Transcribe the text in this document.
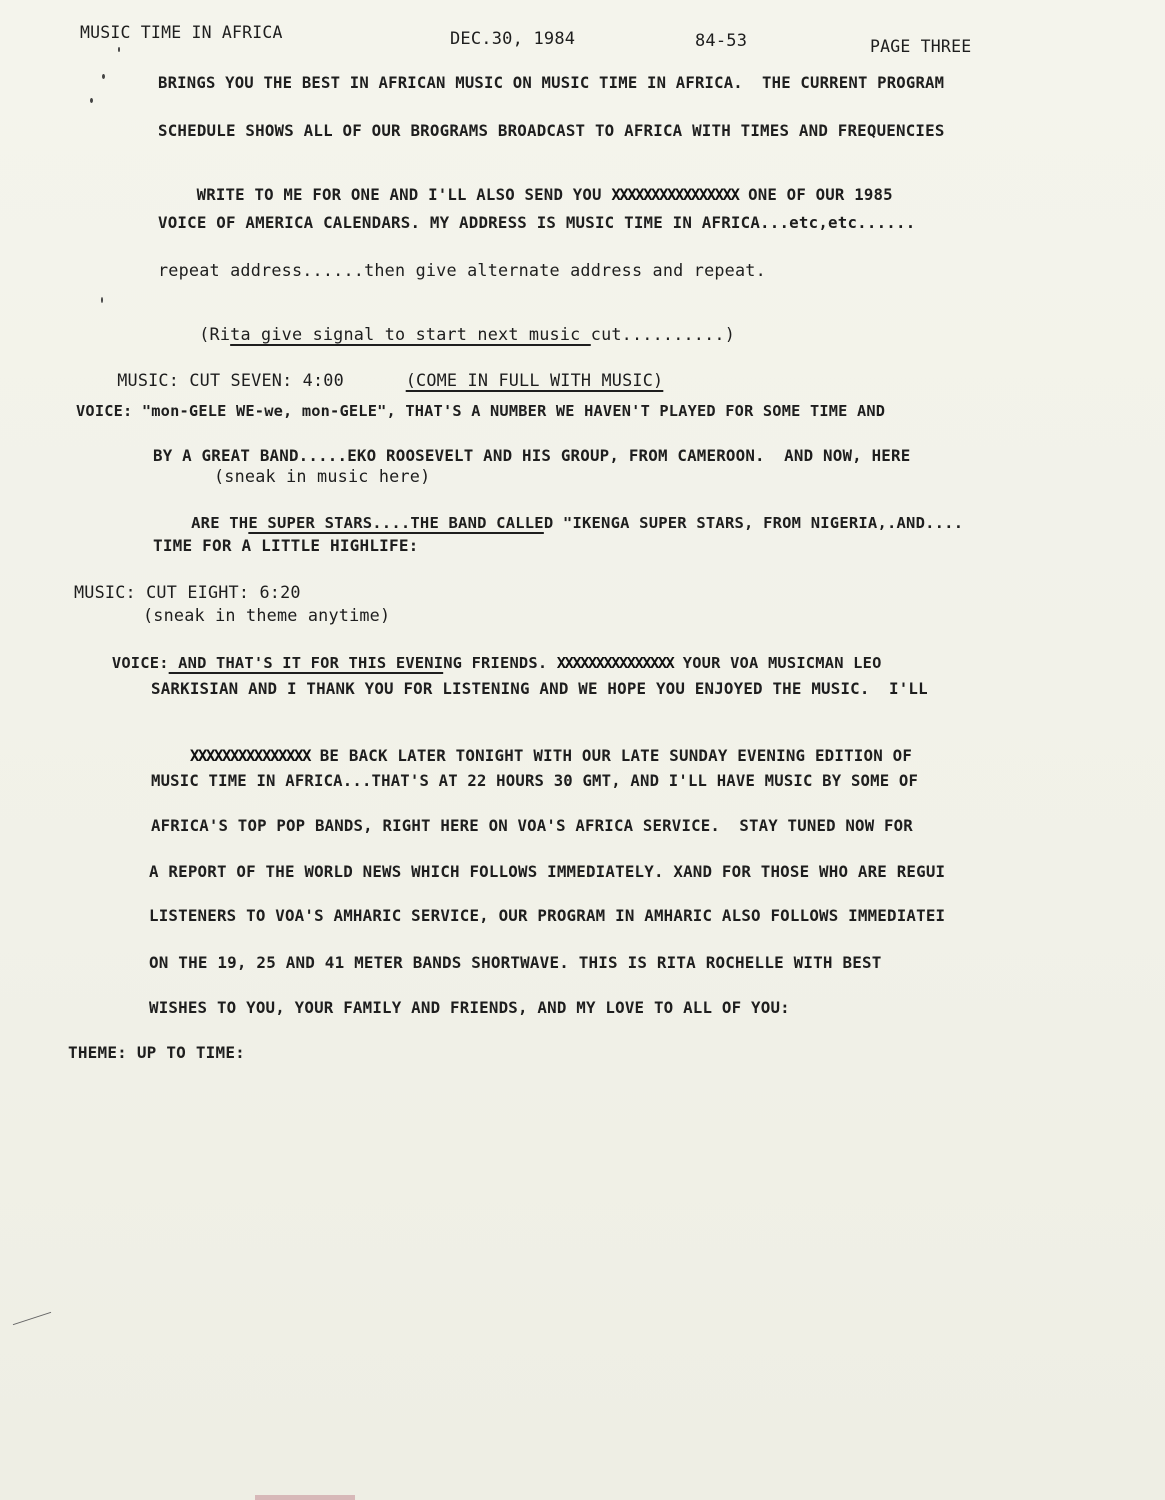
MUSIC TIME IN AFRICA	DEC.30, 1984	84-53	PAGE THREE
BRINGS YOU THE BEST IN AFRICAN MUSIC ON MUSIC TIME IN AFRICA.  THE CURRENT PROGRAM
SCHEDULE SHOWS ALL OF OUR BROGRAMS BROADCAST TO AFRICA WITH TIMES AND FREQUENCIES

WRITE TO ME FOR ONE AND I'LL ALSO SEND YOU XXXXXXXXXXXXXXXX ONE OF OUR 1985

VOICE OF AMERICA CALENDARS. MY ADDRESS IS MUSIC TIME IN AFRICA...etc,etc......
repeat address......then give alternate address and repeat.

(Rita give signal to start next music cut..........)

MUSIC: CUT SEVEN: 4:00      (COME IN FULL WITH MUSIC)

VOICE: "mon-GELE WE-we, mon-GELE", THAT'S A NUMBER WE HAVEN'T PLAYED FOR SOME TIME AND
BY A GREAT BAND.....EKO ROOSEVELT AND HIS GROUP, FROM CAMEROON.  AND NOW, HERE
(sneak in music here)

ARE THE SUPER STARS....THE BAND CALLED "IKENGA SUPER STARS, FROM NIGERIA,.AND....

TIME FOR A LITTLE HIGHLIFE:
MUSIC: CUT EIGHT: 6:20
(sneak in theme anytime)

VOICE: AND THAT'S IT FOR THIS EVENING FRIENDS. XXXXXXXXXXXXXXX YOUR VOA MUSICMAN LEO

SARKISIAN AND I THANK YOU FOR LISTENING AND WE HOPE YOU ENJOYED THE MUSIC.  I'LL

XXXXXXXXXXXXXXX BE BACK LATER TONIGHT WITH OUR LATE SUNDAY EVENING EDITION OF

MUSIC TIME IN AFRICA...THAT'S AT 22 HOURS 30 GMT, AND I'LL HAVE MUSIC BY SOME OF
AFRICA'S TOP POP BANDS, RIGHT HERE ON VOA'S AFRICA SERVICE.  STAY TUNED NOW FOR
A REPORT OF THE WORLD NEWS WHICH FOLLOWS IMMEDIATELY. XAND FOR THOSE WHO ARE REGUI
LISTENERS TO VOA'S AMHARIC SERVICE, OUR PROGRAM IN AMHARIC ALSO FOLLOWS IMMEDIATEI
ON THE 19, 25 AND 41 METER BANDS SHORTWAVE. THIS IS RITA ROCHELLE WITH BEST
WISHES TO YOU, YOUR FAMILY AND FRIENDS, AND MY LOVE TO ALL OF YOU:
THEME: UP TO TIME:
